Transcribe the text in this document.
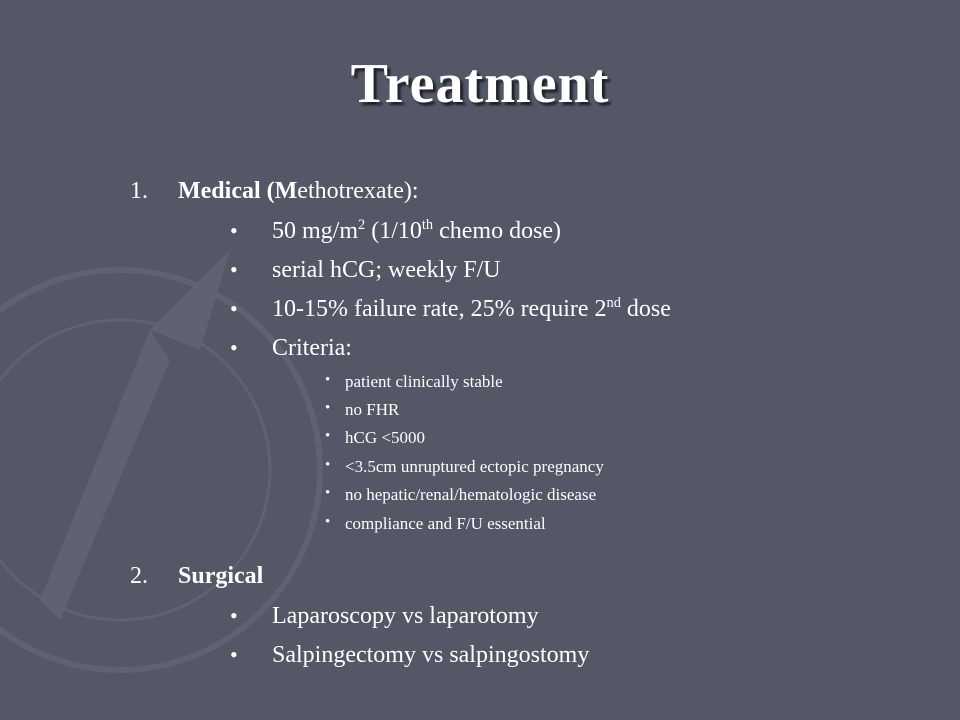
Treatment
1. Medical (Methotrexate):
• 50 $mg/m^2$ (1/10th chemo dose)
• serial hCG; weekly F/U
• 10-15% failure rate, 25% require 2nd dose
• Criteria:
• patient clinically stable
• no FHR
• hCG <5000
• <3.5cm unruptured ectopic pregnancy
• no hepatic/renal/hematologic disease
• compliance and F/U essential
2. Surgical
• Laparoscopy vs laparotomy
• Salpingectomy vs salpingostomy
